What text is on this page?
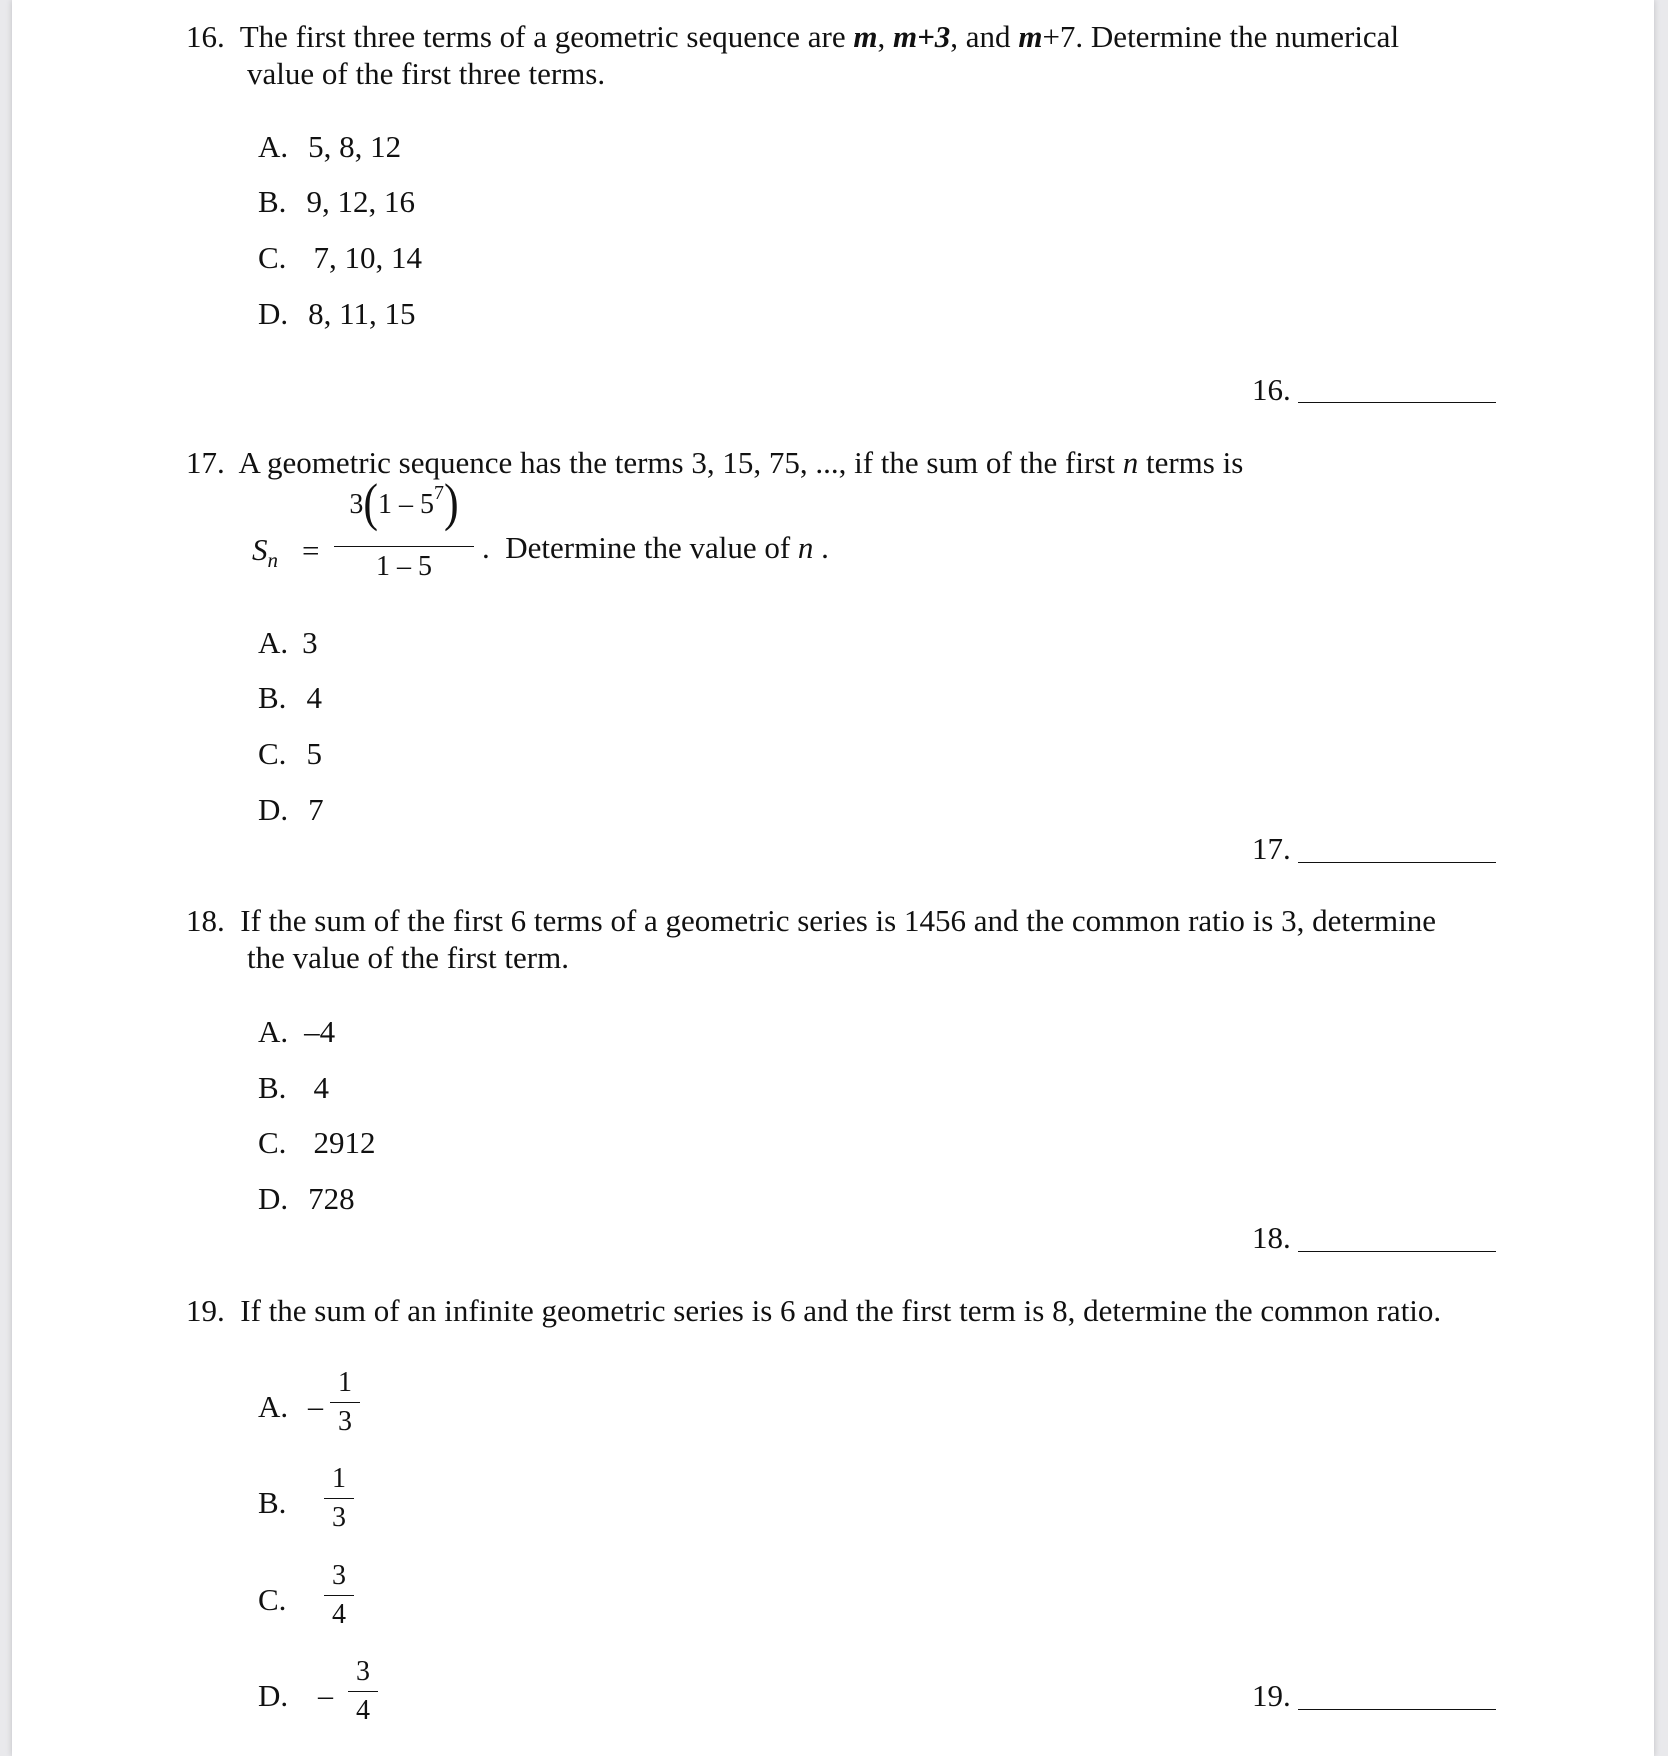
16. The first three terms of a geometric sequence are m, m+3, and m+7. Determine the numerical
value of the first three terms.
A. 5, 8, 12
B. 9, 12, 16
C. 7, 10, 14
D. 8, 11, 15
16.
17. A geometric sequence has the terms 3, 15, 75, ..., if the sum of the first n terms is
$S_n$ =
$3(1 - 5^7)$
1 – 5
. Determine the value of n .
A. 3
B. 4
C. 5
D. 7
17.
18. If the sum of the first 6 terms of a geometric series is 1456 and the common ratio is 3, determine
the value of the first term.
A. –4
B. 4
C. 2912
D. 728
18.
19. If the sum of an infinite geometric series is 6 and the first term is 8, determine the common ratio.
A. –
1
3
B.
1
3
C.
3
4
D. –
3
4	19.
